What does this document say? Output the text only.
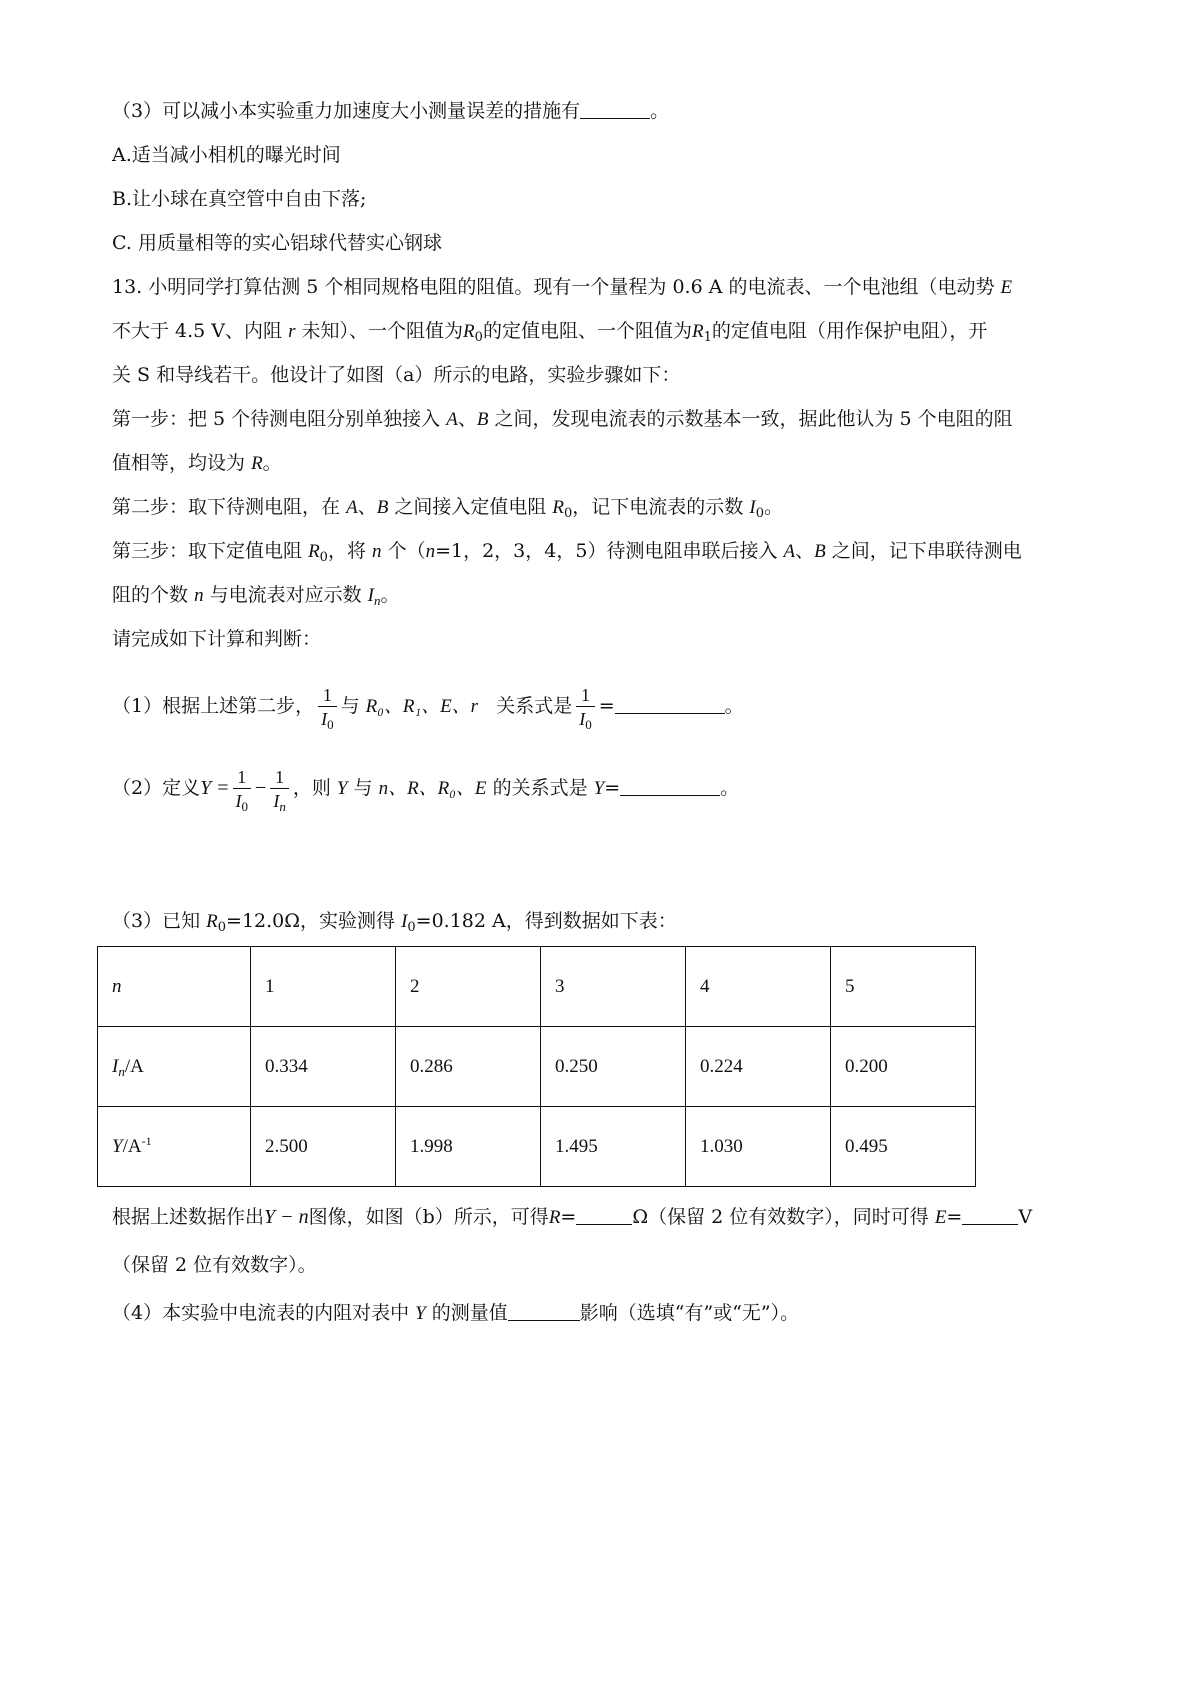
（3）可以减小本实验重力加速度大小测量误差的措施有	。
A.适当减小相机的曝光时间
B.让小球在真空管中自由下落;
C. 用质量相等的实心铝球代替实心钢球
13. 小明同学打算估测 5 个相同规格电阻的阻值。现有一个量程为 0.6 A 的电流表、一个电池组（电动势 E
不大于 4.5 V、内阻 r 未知）、一个阻值为$R_0$的定值电阻、一个阻值为$R_1$的定值电阻（用作保护电阻），开
关 S 和导线若干。他设计了如图（a）所示的电路，实验步骤如下：
第一步：把 5 个待测电阻分别单独接入 A、B 之间，发现电流表的示数基本一致，据此他认为 5 个电阻的阻
值相等，均设为 R。
第二步：取下待测电阻，在 A、B 之间接入定值电阻 $R_0$，记下电流表的示数 $I_0$。
第三步：取下定值电阻 $R_0$，将 n 个（n=1，2，3，4，5）待测电阻串联后接入 A、B 之间，记下串联待测电
阻的个数 n 与电流表对应示数 $I_n$。
请完成如下计算和判断：
（1）根据上述第二步， $\frac{1}{I_0}$ 与 R₀、R₁、E、r 关系式是 $\frac{1}{I_0}$ =	。
（2）定义$Y = \frac{1}{I_0} - \frac{1}{I_n}$ ，则 Y 与 n、R、R₀、E 的关系式是 Y=	。
（3）已知 $R_0=12.0\Omega$，实验测得 $I_0=0.182$ A，得到数据如下表：
n	1	2	3	4	5
$I_n/A$	0.334	0.286	0.250	0.224	0.200
$Y/A^{-1}$	2.500	1.998	1.495	1.030	0.495
根据上述数据作出Y − n图像，如图（b）所示，可得R=	Ω（保留 2 位有效数字），同时可得 E=	V
（保留 2 位有效数字）。
（4）本实验中电流表的内阻对表中 Y 的测量值	影响（选填“有”或“无”）。
